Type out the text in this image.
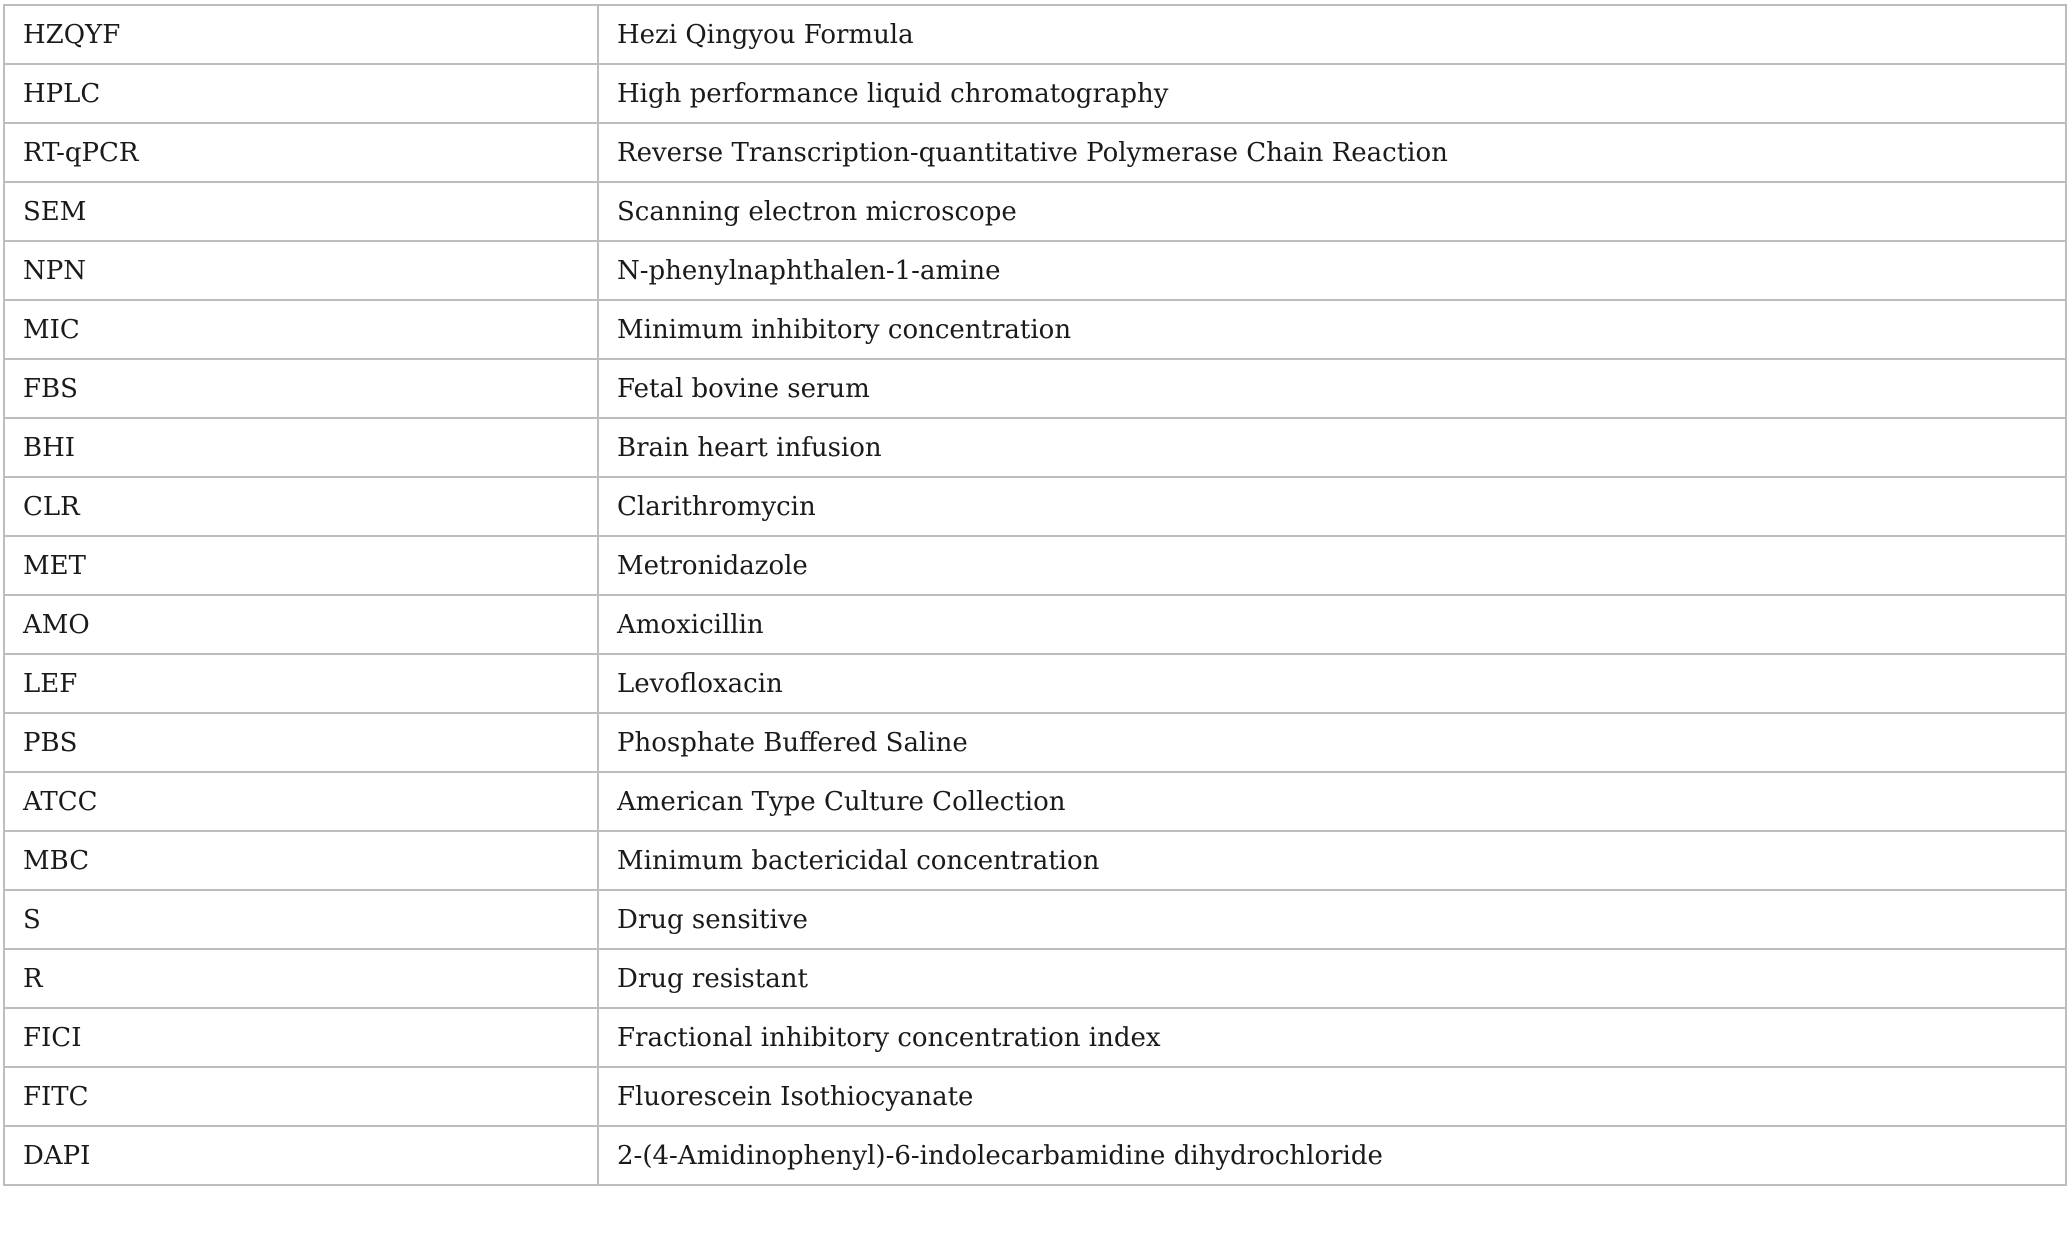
HZQYF	Hezi Qingyou Formula
HPLC	High performance liquid chromatography
RT-qPCR	Reverse Transcription-quantitative Polymerase Chain Reaction
SEM	Scanning electron microscope
NPN	N-phenylnaphthalen-1-amine
MIC	Minimum inhibitory concentration
FBS	Fetal bovine serum
BHI	Brain heart infusion
CLR	Clarithromycin
MET	Metronidazole
AMO	Amoxicillin
LEF	Levofloxacin
PBS	Phosphate Buffered Saline
ATCC	American Type Culture Collection
MBC	Minimum bactericidal concentration
S	Drug sensitive
R	Drug resistant
FICI	Fractional inhibitory concentration index
FITC	Fluorescein Isothiocyanate
DAPI	2-(4-Amidinophenyl)-6-indolecarbamidine dihydrochloride
